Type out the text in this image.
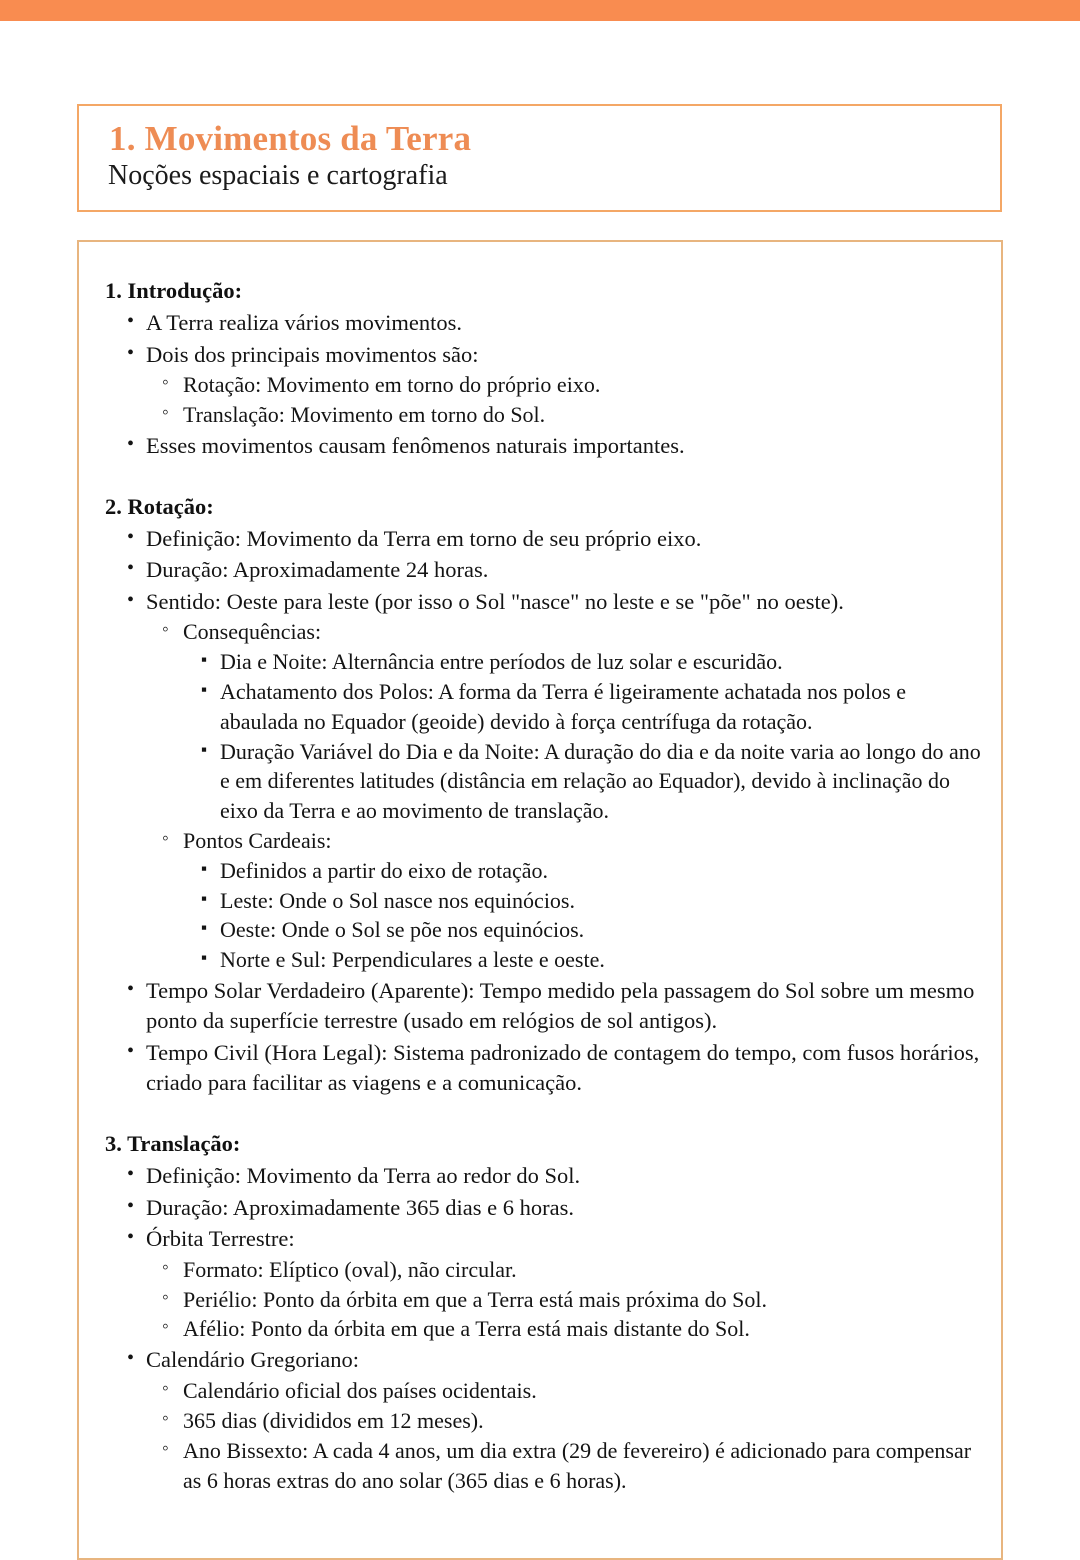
1. Movimentos da Terra
Noções espaciais e cartografia
1. Introdução:
• A Terra realiza vários movimentos.
• Dois dos principais movimentos são:
◦ Rotação: Movimento em torno do próprio eixo.
◦ Translação: Movimento em torno do Sol.
• Esses movimentos causam fenômenos naturais importantes.
2. Rotação:
• Definição: Movimento da Terra em torno de seu próprio eixo.
• Duração: Aproximadamente 24 horas.
• Sentido: Oeste para leste (por isso o Sol "nasce" no leste e se "põe" no oeste).
◦ Consequências:
▪ Dia e Noite: Alternância entre períodos de luz solar e escuridão.
▪ Achatamento dos Polos: A forma da Terra é ligeiramente achatada nos polos e abaulada no Equador (geoide) devido à força centrífuga da rotação.
▪ Duração Variável do Dia e da Noite: A duração do dia e da noite varia ao longo do ano e em diferentes latitudes (distância em relação ao Equador), devido à inclinação do eixo da Terra e ao movimento de translação.
◦ Pontos Cardeais:
▪ Definidos a partir do eixo de rotação.
▪ Leste: Onde o Sol nasce nos equinócios.
▪ Oeste: Onde o Sol se põe nos equinócios.
▪ Norte e Sul: Perpendiculares a leste e oeste.
• Tempo Solar Verdadeiro (Aparente): Tempo medido pela passagem do Sol sobre um mesmo ponto da superfície terrestre (usado em relógios de sol antigos).
• Tempo Civil (Hora Legal): Sistema padronizado de contagem do tempo, com fusos horários, criado para facilitar as viagens e a comunicação.
3. Translação:
• Definição: Movimento da Terra ao redor do Sol.
• Duração: Aproximadamente 365 dias e 6 horas.
• Órbita Terrestre:
◦ Formato: Elíptico (oval), não circular.
◦ Periélio: Ponto da órbita em que a Terra está mais próxima do Sol.
◦ Afélio: Ponto da órbita em que a Terra está mais distante do Sol.
• Calendário Gregoriano:
◦ Calendário oficial dos países ocidentais.
◦ 365 dias (divididos em 12 meses).
◦ Ano Bissexto: A cada 4 anos, um dia extra (29 de fevereiro) é adicionado para compensar as 6 horas extras do ano solar (365 dias e 6 horas).
